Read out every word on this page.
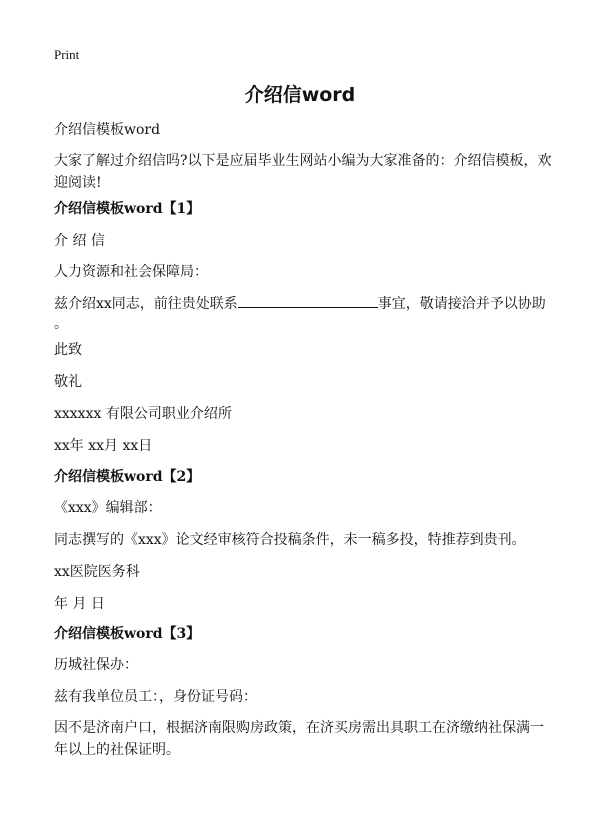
Print
介绍信word
介绍信模板word
大家了解过介绍信吗?以下是应届毕业生网站小编为大家准备的：介绍信模板，欢迎阅读!
介绍信模板word【1】
介 绍 信
人力资源和社会保障局：
兹介绍xx同志，前往贵处联系	事宜，敬请接洽并予以协助
。
此致
敬礼
xxxxxx 有限公司职业介绍所
xx年 xx月 xx日
介绍信模板word【2】
《xxx》编辑部：
同志撰写的《xxx》论文经审核符合投稿条件，未一稿多投，特推荐到贵刊。
xx医院医务科
年 月 日
介绍信模板word【3】
历城社保办：
兹有我单位员工：，身份证号码：
因不是济南户口，根据济南限购房政策，在济买房需出具职工在济缴纳社保满一年以上的社保证明。
